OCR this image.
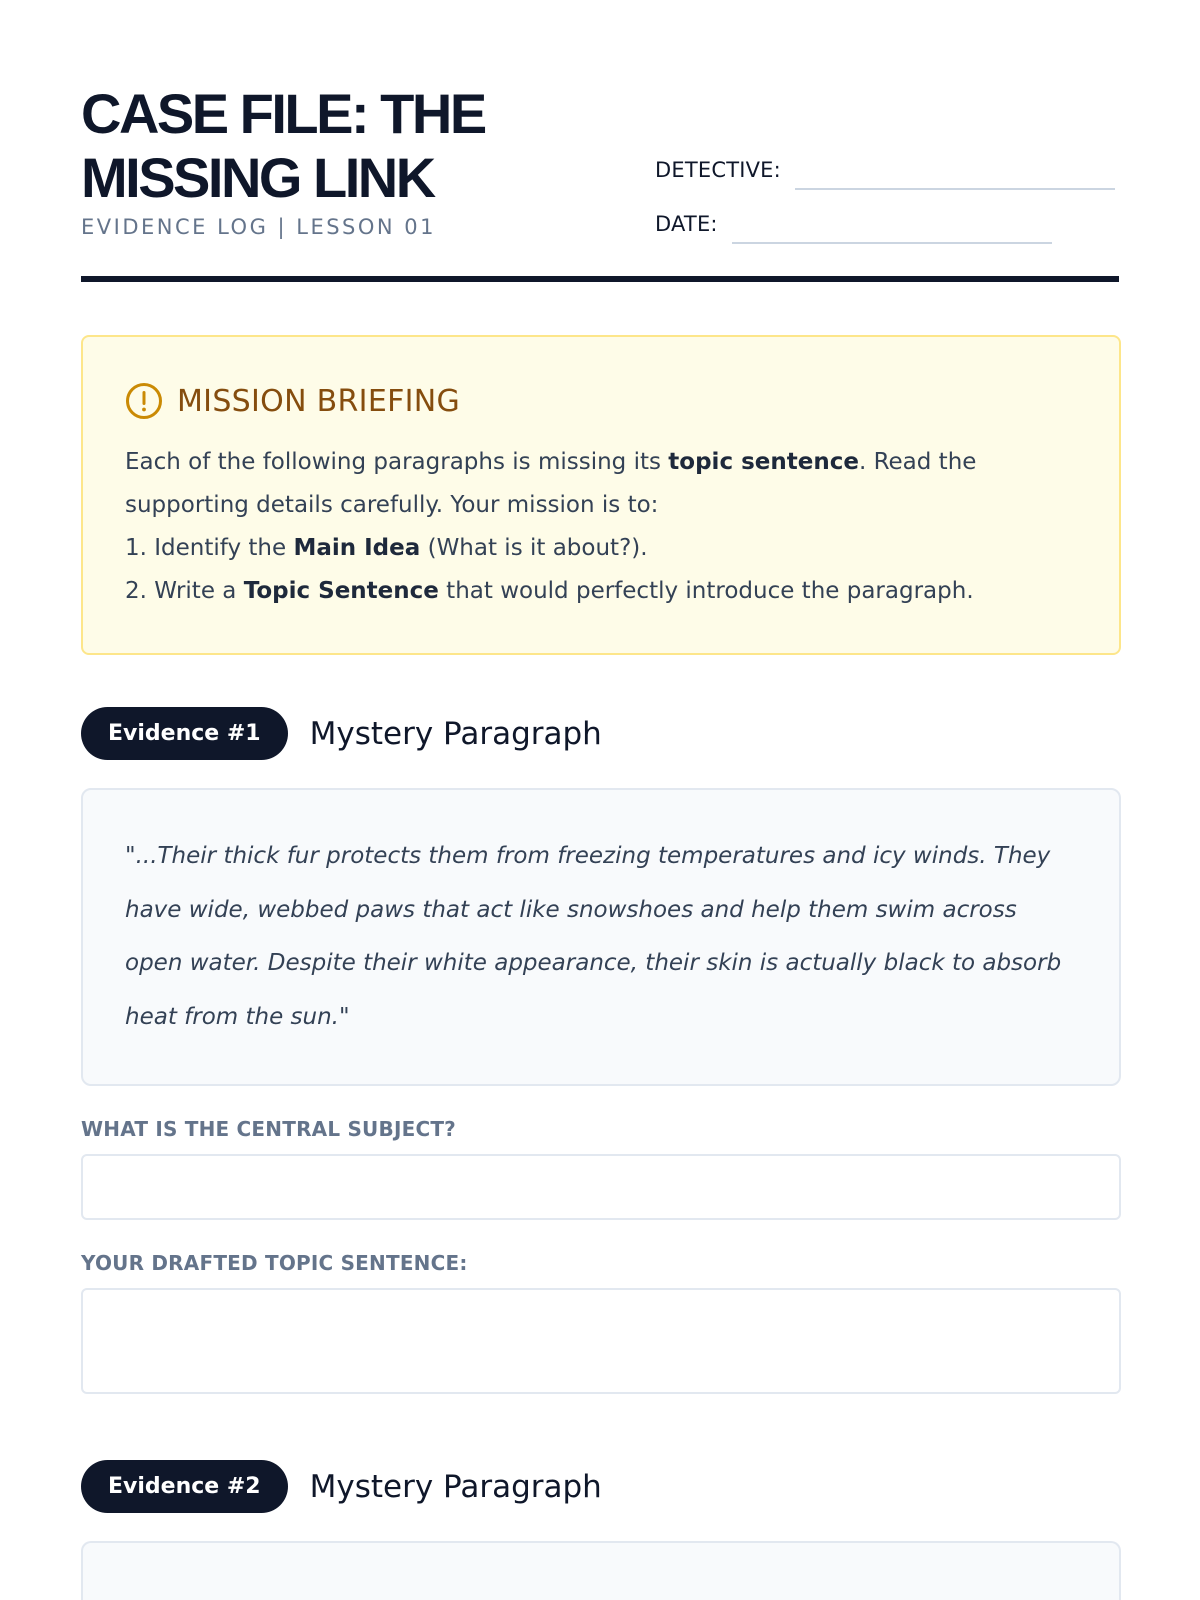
CASE FILE: THE
MISSING LINK
EVIDENCE LOG | LESSON 01
DETECTIVE:
DATE:
MISSION BRIEFING
Each of the following paragraphs is missing its topic sentence. Read the supporting details carefully. Your mission is to:
1. Identify the Main Idea (What is it about?).
2. Write a Topic Sentence that would perfectly introduce the paragraph.
Evidence #1	Mystery Paragraph
"...Their thick fur protects them from freezing temperatures and icy winds. They have wide, webbed paws that act like snowshoes and help them swim across open water. Despite their white appearance, their skin is actually black to absorb heat from the sun."
WHAT IS THE CENTRAL SUBJECT?
YOUR DRAFTED TOPIC SENTENCE:
Evidence #2	Mystery Paragraph
